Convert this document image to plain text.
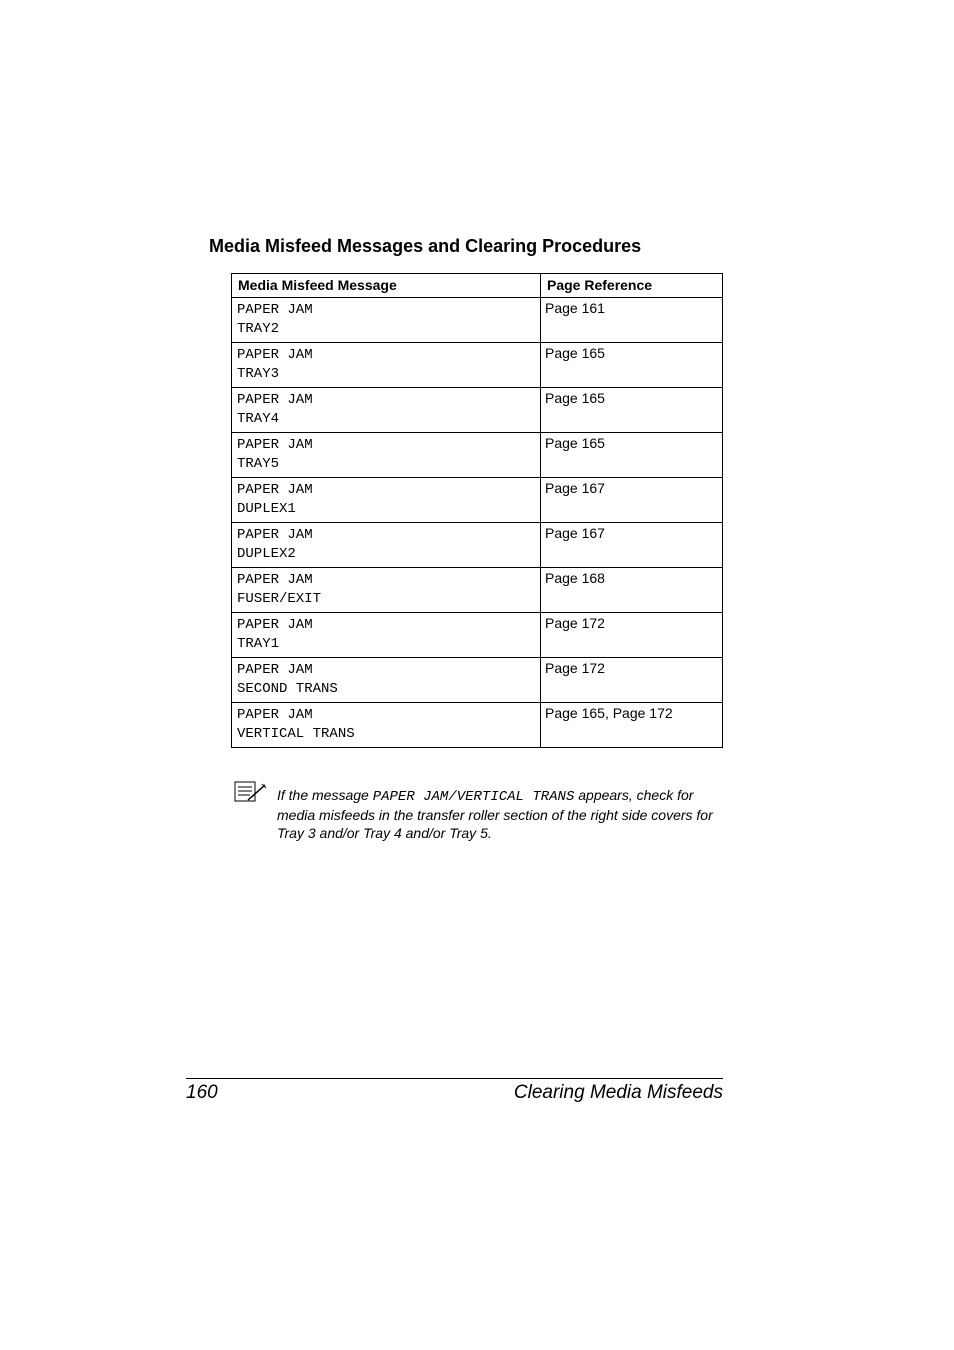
Media Misfeed Messages and Clearing Procedures
Media Misfeed Message	Page Reference

PAPER JAM
TRAY2	Page 161

PAPER JAM
TRAY3	Page 165

PAPER JAM
TRAY4	Page 165

PAPER JAM
TRAY5	Page 165

PAPER JAM
DUPLEX1	Page 167

PAPER JAM
DUPLEX2	Page 167

PAPER JAM
FUSER/EXIT	Page 168

PAPER JAM
TRAY1	Page 172

PAPER JAM
SECOND TRANS	Page 172

PAPER JAM
VERTICAL TRANS	Page 165, Page 172
If the message PAPER JAM/VERTICAL TRANS appears, check for media misfeeds in the transfer roller section of the right side covers for Tray 3 and/or Tray 4 and/or Tray 5.
160	Clearing Media Misfeeds
